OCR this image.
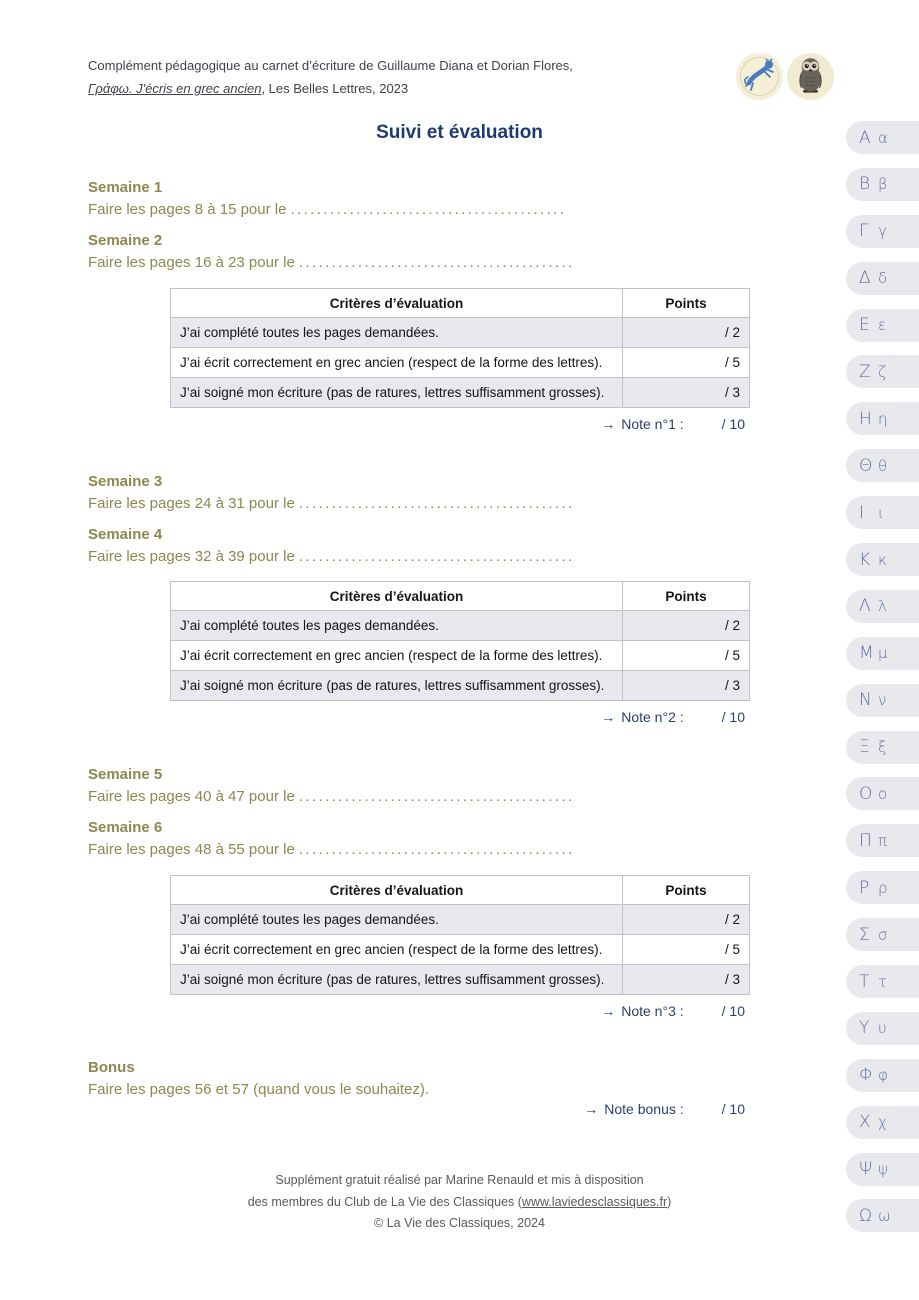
Complément pédagogique au carnet d’écriture de Guillaume Diana et Dorian Flores,

Γράφω. J'écris en grec ancien, Les Belles Lettres, 2023

Suivi et évaluation
Semaine 1

Faire les pages 8 à 15 pour le ..........................................

Semaine 2

Faire les pages 16 à 23 pour le ..........................................

Critères d’évaluation	Points
J’ai complété toutes les pages demandées.	/ 2
J’ai écrit correctement en grec ancien (respect de la forme des lettres).	/ 5
J’ai soigné mon écriture (pas de ratures, lettres suffisamment grosses).	/ 3
→ Note n°1 :	/ 10
Semaine 3

Faire les pages 24 à 31 pour le ..........................................

Semaine 4

Faire les pages 32 à 39 pour le ..........................................

Critères d’évaluation	Points
J’ai complété toutes les pages demandées.	/ 2
J’ai écrit correctement en grec ancien (respect de la forme des lettres).	/ 5
J’ai soigné mon écriture (pas de ratures, lettres suffisamment grosses).	/ 3
→ Note n°2 :	/ 10
Semaine 5

Faire les pages 40 à 47 pour le ..........................................

Semaine 6

Faire les pages 48 à 55 pour le ..........................................

Critères d’évaluation	Points
J’ai complété toutes les pages demandées.	/ 2
J’ai écrit correctement en grec ancien (respect de la forme des lettres).	/ 5
J’ai soigné mon écriture (pas de ratures, lettres suffisamment grosses).	/ 3
→ Note n°3 :	/ 10
Bonus

Faire les pages 56 et 57 (quand vous le souhaitez).

→ Note bonus :	/ 10

Supplément gratuit réalisé par Marine Renauld et mis à disposition

des membres du Club de La Vie des Classiques (www.laviedesclassiques.fr)

© La Vie des Classiques, 2024

Α α
Β β
Γ γ
Δ δ
Ε ε
Ζ ζ
Η η
Θ θ
Ι ι
Κ κ
Λ λ
Μ μ
Ν ν
Ξ ξ
Ο ο
Π π
Ρ ρ
Σ σ
Τ τ
Υ υ
Φ φ
Χ χ
Ψ ψ
Ω ω
